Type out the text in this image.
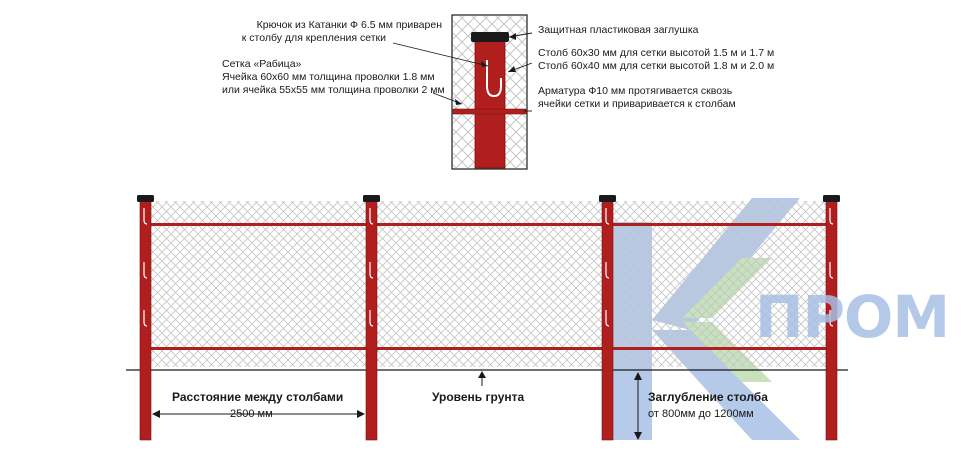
ПРОМ
Крючок из Катанки Ф 6.5 мм приварен
к столбу для крепления сетки
Сетка «Рабица»
Ячейка 60х60 мм толщина проволки 1.8 мм
или ячейка 55х55 мм толщина проволки 2 мм
Защитная пластиковая заглушка
Столб 60х30 мм для сетки высотой 1.5 м и 1.7 м
Столб 60х40 мм для сетки высотой 1.8 м и 2.0 м
Арматура Ф10 мм протягивается сквозь
ячейки сетки и приваривается к столбам
Расстояние между столбами
2500 мм
Уровень грунта	Заглубление столба
от 800мм до 1200мм
